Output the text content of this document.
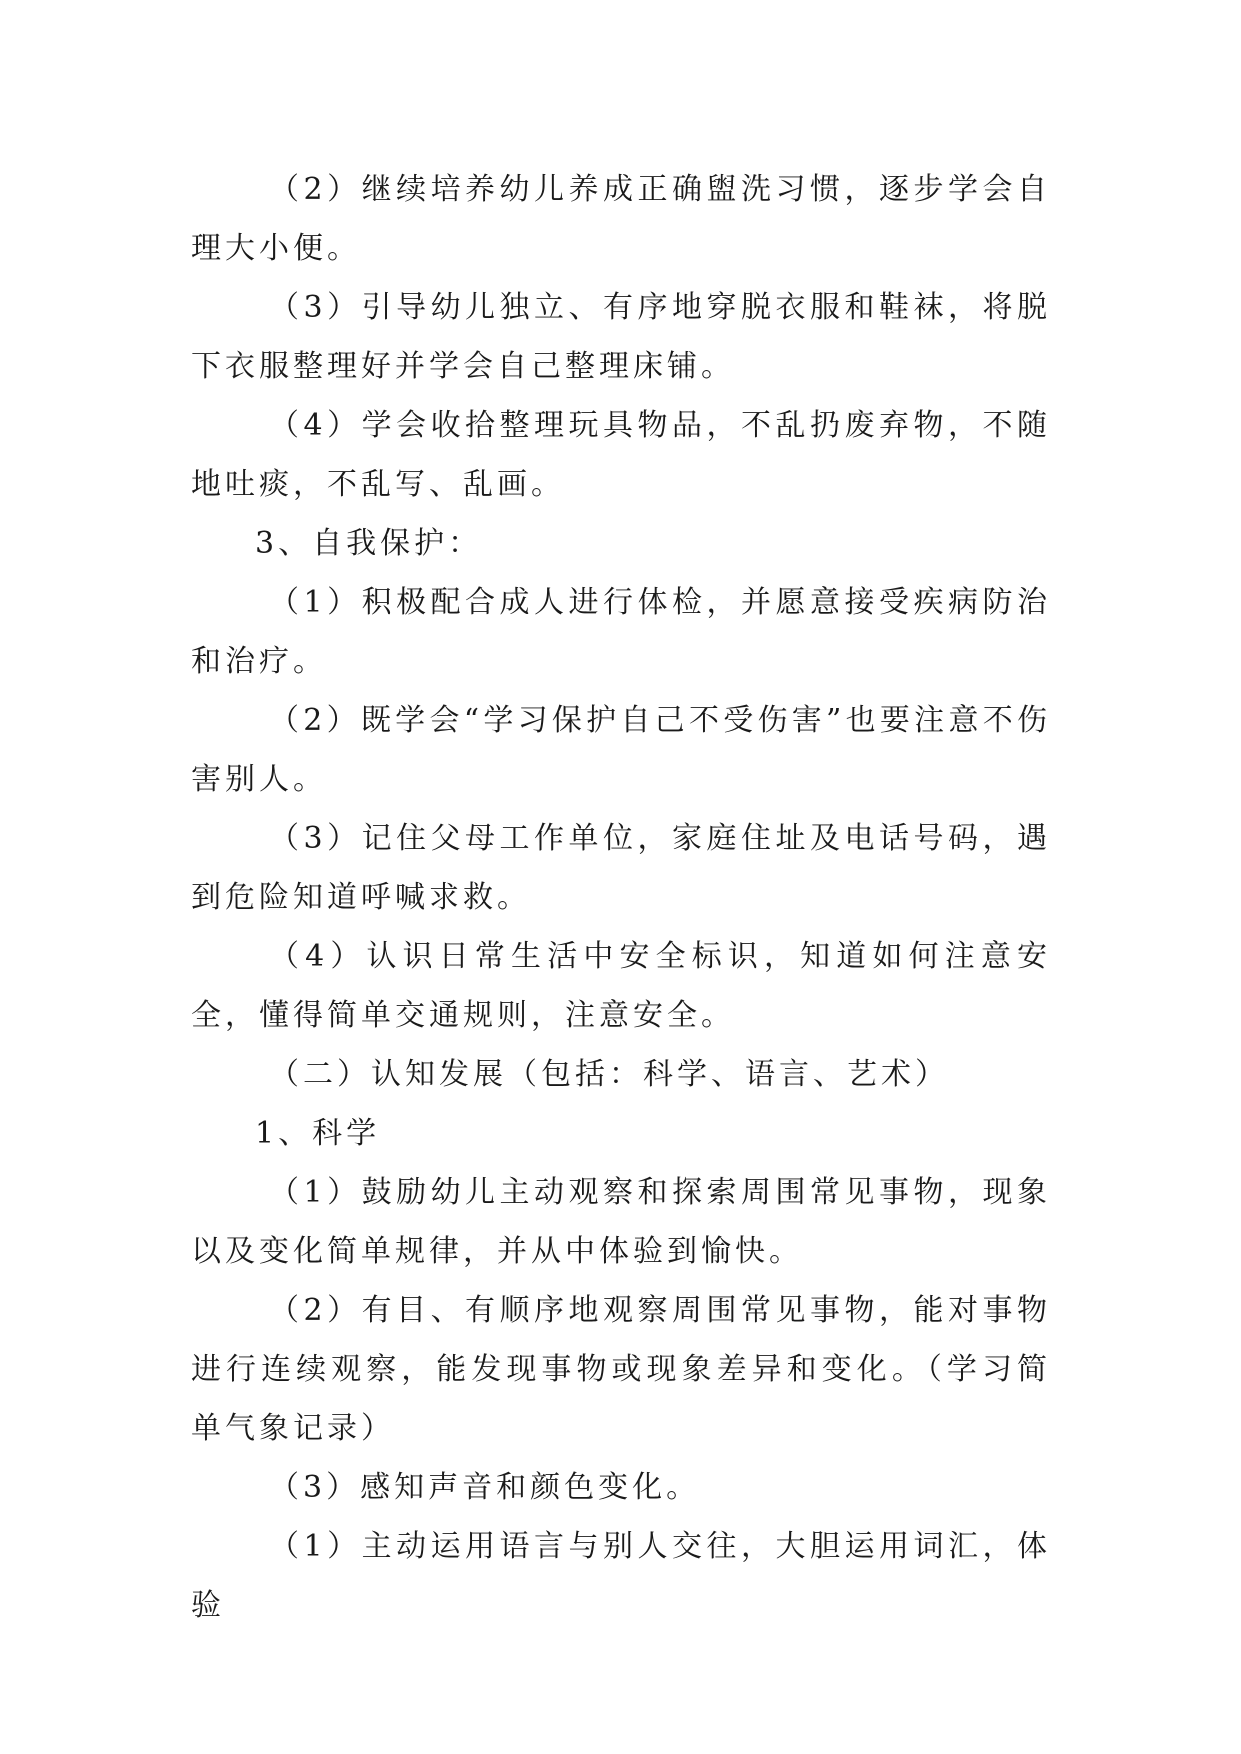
（2）继续培养幼儿养成正确盥洗习惯，逐步学会自理大小便。

（3）引导幼儿独立、有序地穿脱衣服和鞋袜，将脱下衣服整理好并学会自己整理床铺。

（4）学会收拾整理玩具物品，不乱扔废弃物，不随地吐痰，不乱写、乱画。

3、自我保护：

（1）积极配合成人进行体检，并愿意接受疾病防治和治疗。

（2）既学会“学习保护自己不受伤害”也要注意不伤害别人。

（3）记住父母工作单位，家庭住址及电话号码，遇到危险知道呼喊求救。

（4）认识日常生活中安全标识，知道如何注意安全，懂得简单交通规则，注意安全。

（二）认知发展（包括：科学、语言、艺术）

1、科学

（1）鼓励幼儿主动观察和探索周围常见事物，现象以及变化简单规律，并从中体验到愉快。

（2）有目、有顺序地观察周围常见事物，能对事物进行连续观察，能发现事物或现象差异和变化。（学习简单气象记录）

（3）感知声音和颜色变化。

（1）主动运用语言与别人交往，大胆运用词汇，体验
